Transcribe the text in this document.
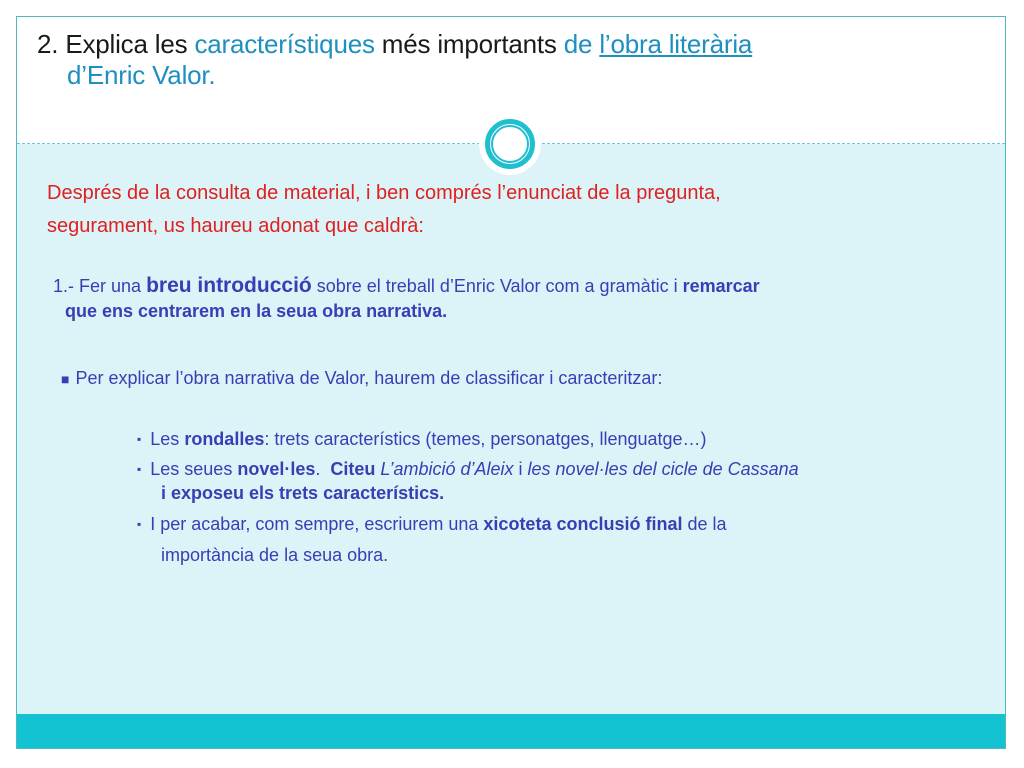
2. Explica les característiques més importants de l’obra literària
d’Enric Valor.
Després de la consulta de material, i ben comprés l’enunciat de la pregunta,
segurament, us haureu adonat que caldrà:
1.- Fer una breu introducció sobre el treball d’Enric Valor com a gramàtic i remarcar
que ens centrarem en la seua obra narrativa.
■ Per explicar l’obra narrativa de Valor, haurem de classificar i caracteritzar:
▪ Les rondalles: trets característics (temes, personatges, llenguatge…)
▪ Les seues novel·les. Citeu L’ambició d’Aleix i les novel·les del cicle de Cassana
i exposeu els trets característics.
▪ I per acabar, com sempre, escriurem una xicoteta conclusió final de la
importància de la seua obra.
